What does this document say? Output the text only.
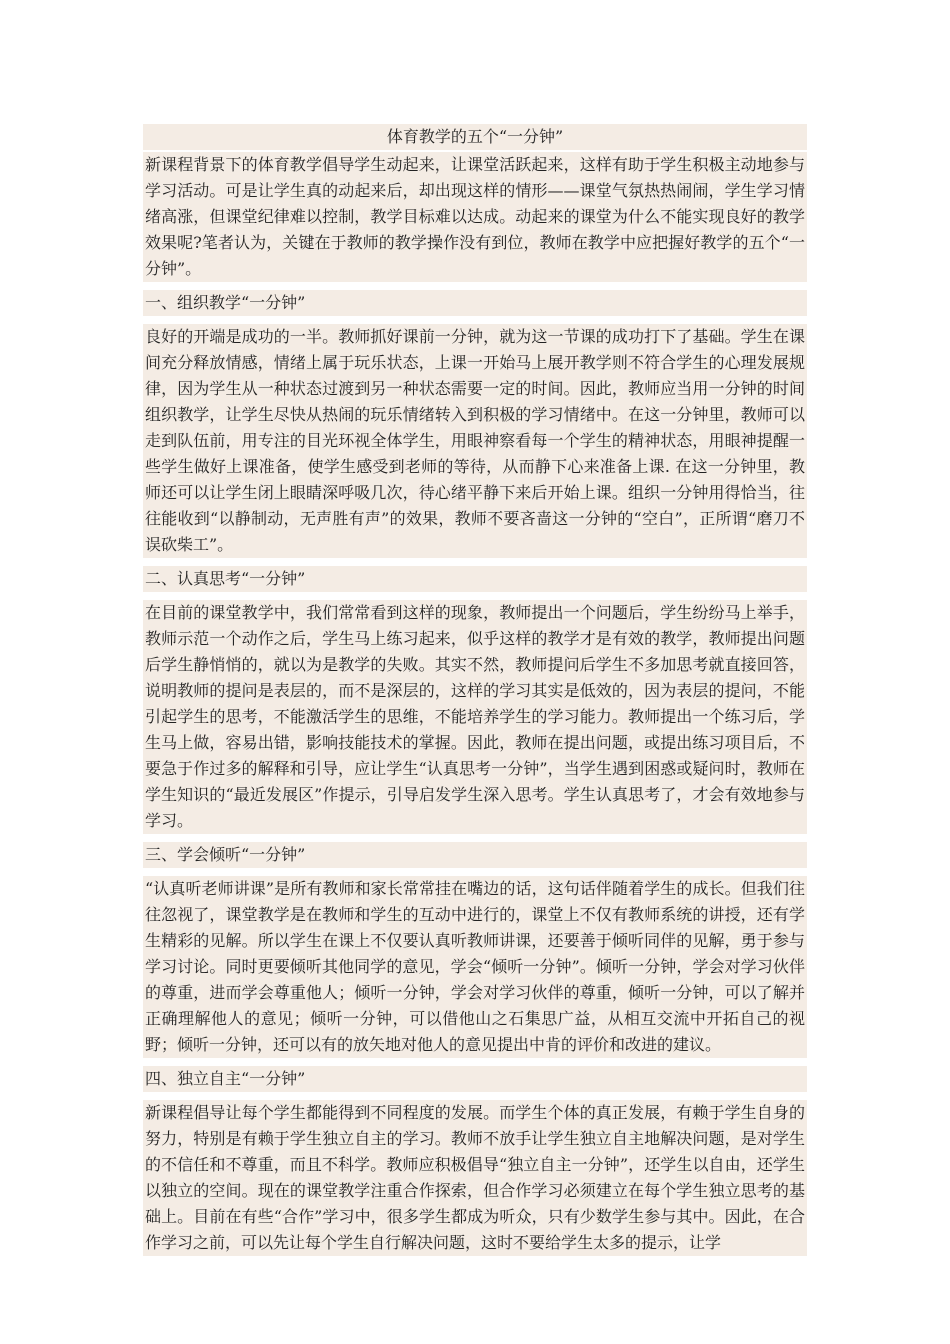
体育教学的五个“一分钟”

新课程背景下的体育教学倡导学生动起来，让课堂活跃起来，这样有助于学生积极主动地参与学习活动。可是让学生真的动起来后，却出现这样的情形——课堂气氛热热闹闹，学生学习情绪高涨，但课堂纪律难以控制，教学目标难以达成。动起来的课堂为什么不能实现良好的教学效果呢?笔者认为，关键在于教师的教学操作没有到位，教师在教学中应把握好教学的五个“一分钟”。

一、组织教学“一分钟”

良好的开端是成功的一半。教师抓好课前一分钟，就为这一节课的成功打下了基础。学生在课间充分释放情感，情绪上属于玩乐状态，上课一开始马上展开教学则不符合学生的心理发展规律，因为学生从一种状态过渡到另一种状态需要一定的时间。因此，教师应当用一分钟的时间组织教学，让学生尽快从热闹的玩乐情绪转入到积极的学习情绪中。在这一分钟里，教师可以走到队伍前，用专注的目光环视全体学生，用眼神察看每一个学生的精神状态，用眼神提醒一些学生做好上课准备，使学生感受到老师的等待，从而静下心来准备上课. 在这一分钟里，教师还可以让学生闭上眼睛深呼吸几次，待心绪平静下来后开始上课。组织一分钟用得恰当，往往能收到“以静制动，无声胜有声”的效果，教师不要吝啬这一分钟的“空白”，正所谓“磨刀不误砍柴工”。

二、认真思考“一分钟”

在目前的课堂教学中，我们常常看到这样的现象，教师提出一个问题后，学生纷纷马上举手，教师示范一个动作之后，学生马上练习起来，似乎这样的教学才是有效的教学，教师提出问题后学生静悄悄的，就以为是教学的失败。其实不然，教师提问后学生不多加思考就直接回答，说明教师的提问是表层的，而不是深层的，这样的学习其实是低效的，因为表层的提问，不能引起学生的思考，不能激活学生的思维，不能培养学生的学习能力。教师提出一个练习后，学生马上做，容易出错，影响技能技术的掌握。因此，教师在提出问题，或提出练习项目后，不要急于作过多的解释和引导，应让学生“认真思考一分钟”，当学生遇到困惑或疑问时，教师在学生知识的“最近发展区”作提示，引导启发学生深入思考。学生认真思考了，才会有效地参与学习。

三、学会倾听“一分钟”

“认真听老师讲课”是所有教师和家长常常挂在嘴边的话，这句话伴随着学生的成长。但我们往往忽视了，课堂教学是在教师和学生的互动中进行的，课堂上不仅有教师系统的讲授，还有学生精彩的见解。所以学生在课上不仅要认真听教师讲课，还要善于倾听同伴的见解，勇于参与学习讨论。同时更要倾听其他同学的意见，学会“倾听一分钟”。倾听一分钟，学会对学习伙伴的尊重，进而学会尊重他人；倾听一分钟，学会对学习伙伴的尊重，倾听一分钟，可以了解并正确理解他人的意见；倾听一分钟，可以借他山之石集思广益，从相互交流中开拓自己的视野；倾听一分钟，还可以有的放矢地对他人的意见提出中肯的评价和改进的建议。

四、独立自主“一分钟”

新课程倡导让每个学生都能得到不同程度的发展。而学生个体的真正发展，有赖于学生自身的努力，特别是有赖于学生独立自主的学习。教师不放手让学生独立自主地解决问题，是对学生的不信任和不尊重，而且不科学。教师应积极倡导“独立自主一分钟”，还学生以自由，还学生以独立的空间。现在的课堂教学注重合作探索，但合作学习必须建立在每个学生独立思考的基础上。目前在有些“合作”学习中，很多学生都成为听众，只有少数学生参与其中。因此，在合作学习之前，可以先让每个学生自行解决问题，这时不要给学生太多的提示，让学
